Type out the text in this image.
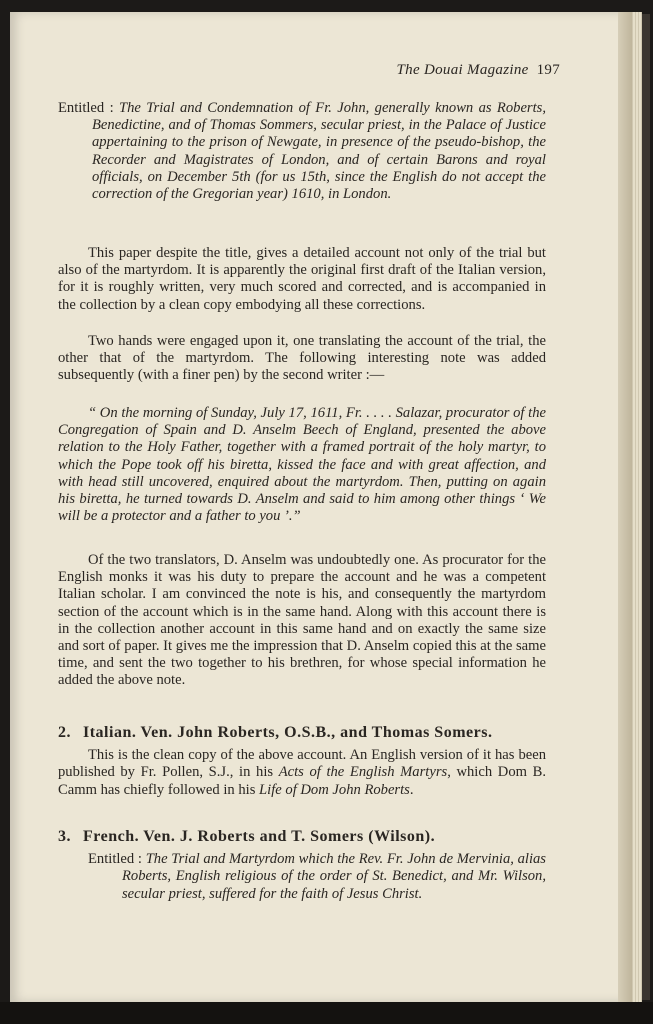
The Douai Magazine 197

Entitled : The Trial and Condemnation of Fr. John, generally known as Roberts, Benedictine, and of Thomas Sommers, secular priest, in the Palace of Justice appertaining to the prison of Newgate, in presence of the pseudo-bishop, the Recorder and Magistrates of London, and of certain Barons and royal officials, on December 5th (for us 15th, since the English do not accept the correction of the Gregorian year) 1610, in London.

This paper despite the title, gives a detailed account not only of the trial but also of the martyrdom. It is apparently the original first draft of the Italian version, for it is roughly written, very much scored and corrected, and is accompanied in the collection by a clean copy embodying all these corrections.

Two hands were engaged upon it, one translating the account of the trial, the other that of the martyrdom. The following interesting note was added subsequently (with a finer pen) by the second writer :—

“ On the morning of Sunday, July 17, 1611, Fr. . . . . Salazar, procurator of the Congregation of Spain and D. Anselm Beech of England, presented the above relation to the Holy Father, together with a framed portrait of the holy martyr, to which the Pope took off his biretta, kissed the face and with great affection, and with head still uncovered, enquired about the martyrdom. Then, putting on again his biretta, he turned towards D. Anselm and said to him among other things ‘ We will be a protector and a father to you ’.”

Of the two translators, D. Anselm was undoubtedly one. As procurator for the English monks it was his duty to prepare the account and he was a competent Italian scholar. I am convinced the note is his, and consequently the martyrdom section of the account which is in the same hand. Along with this account there is in the collection another account in this same hand and on exactly the same size and sort of paper. It gives me the impression that D. Anselm copied this at the same time, and sent the two together to his brethren, for whose special information he added the above note.

2. Italian. Ven. John Roberts, O.S.B., and Thomas Somers.

This is the clean copy of the above account. An English version of it has been published by Fr. Pollen, S.J., in his Acts of the English Martyrs, which Dom B. Camm has chiefly followed in his Life of Dom John Roberts.

3. French. Ven. J. Roberts and T. Somers (Wilson).

Entitled : The Trial and Martyrdom which the Rev. Fr. John de Mervinia, alias Roberts, English religious of the order of St. Benedict, and Mr. Wilson, secular priest, suffered for the faith of Jesus Christ.
